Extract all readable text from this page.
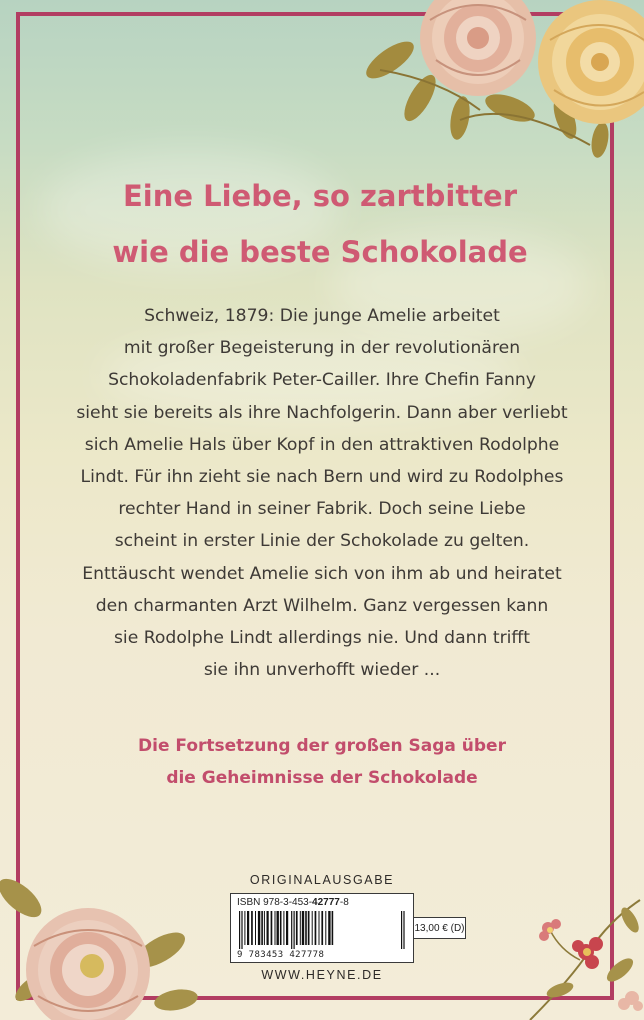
Eine Liebe, so zartbitter
wie die beste Schokolade

Schweiz, 1879: Die junge Amelie arbeitet
mit großer Begeisterung in der revolutionären
Schokoladenfabrik Peter-Cailler. Ihre Chefin Fanny
sieht sie bereits als ihre Nachfolgerin. Dann aber verliebt
sich Amelie Hals über Kopf in den attraktiven Rodolphe
Lindt. Für ihn zieht sie nach Bern und wird zu Rodolphes
rechter Hand in seiner Fabrik. Doch seine Liebe
scheint in erster Linie der Schokolade zu gelten.
Enttäuscht wendet Amelie sich von ihm ab und heiratet
den charmanten Arzt Wilhelm. Ganz vergessen kann
sie Rodolphe Lindt allerdings nie. Und dann trifft
sie ihn unverhofft wieder ...

Die Fortsetzung der großen Saga über
die Geheimnisse der Schokolade

ORIGINALAUSGABE
ISBN 978-3-453-42777-8
9 783453 427778
13,00 € (D)
WWW.HEYNE.DE
